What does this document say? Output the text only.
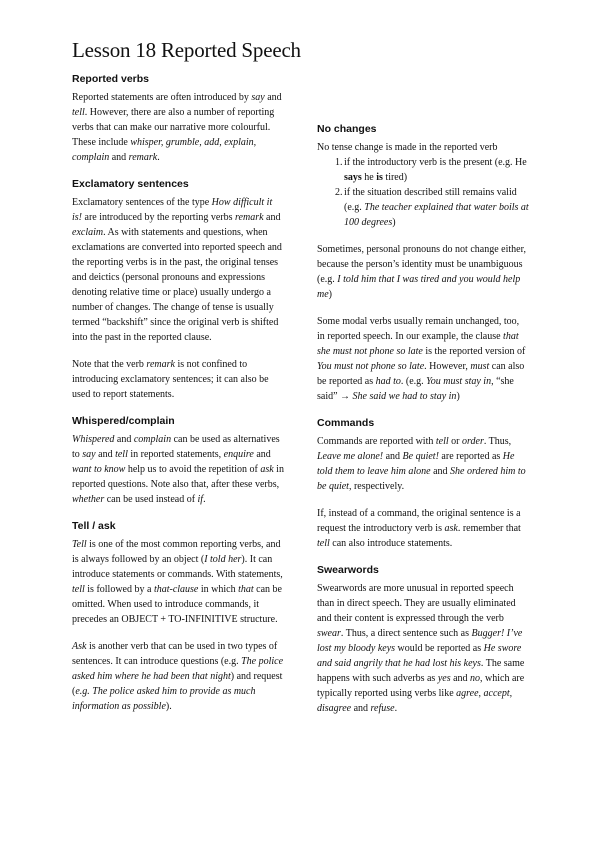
Lesson 18 Reported Speech
Reported verbs

Reported statements are often introduced by say and tell. However, there are also a number of reporting verbs that can make our narrative more colourful. These include whisper, grumble, add, explain, complain and remark.

Exclamatory sentences

Exclamatory sentences of the type How difficult it is! are introduced by the reporting verbs remark and exclaim. As with statements and questions, when exclamations are converted into reported speech and the reporting verbs is in the past, the original tenses and deictics (personal pronouns and expressions denoting relative time or place) usually undergo a number of changes. The change of tense is usually termed “backshift” since the original verb is shifted into the past in the reported clause.

Note that the verb remark is not confined to introducing exclamatory sentences; it can also be used to report statements.

Whispered/complain

Whispered and complain can be used as alternatives to say and tell in reported statements, enquire and want to know help us to avoid the repetition of ask in reported questions. Note also that, after these verbs, whether can be used instead of if.

Tell / ask

Tell is one of the most common reporting verbs, and is always followed by an object (I told her). It can introduce statements or commands. With statements, tell is followed by a that-clause in which that can be omitted. When used to introduce commands, it precedes an OBJECT + TO-INFINITIVE structure.

Ask is another verb that can be used in two types of sentences. It can introduce questions (e.g. The police asked him where he had been that night) and request (e.g. The police asked him to provide as much information as possible).

No changes
No tense change is made in the reported verb
1. if the introductory verb is the present (e.g. He says he is tired)
2. if the situation described still remains valid
(e.g. The teacher explained that water boils at 100 degrees)

Sometimes, personal pronouns do not change either, because the person’s identity must be unambiguous (e.g. I told him that I was tired and you would help me)

Some modal verbs usually remain unchanged, too, in reported speech. In our example, the clause that she must not phone so late is the reported version of You must not phone so late. However, must can also be reported as had to. (e.g. You must stay in, “she said” → She said we had to stay in)

Commands

Commands are reported with tell or order. Thus, Leave me alone! and Be quiet! are reported as He told them to leave him alone and She ordered him to be quiet, respectively.

If, instead of a command, the original sentence is a request the introductory verb is ask. remember that tell can also introduce statements.

Swearwords

Swearwords are more unusual in reported speech than in direct speech. They are usually eliminated and their content is expressed through the verb swear. Thus, a direct sentence such as Bugger! I’ve lost my bloody keys would be reported as He swore and said angrily that he had lost his keys. The same happens with such adverbs as yes and no, which are typically reported using verbs like agree, accept, disagree and refuse.
